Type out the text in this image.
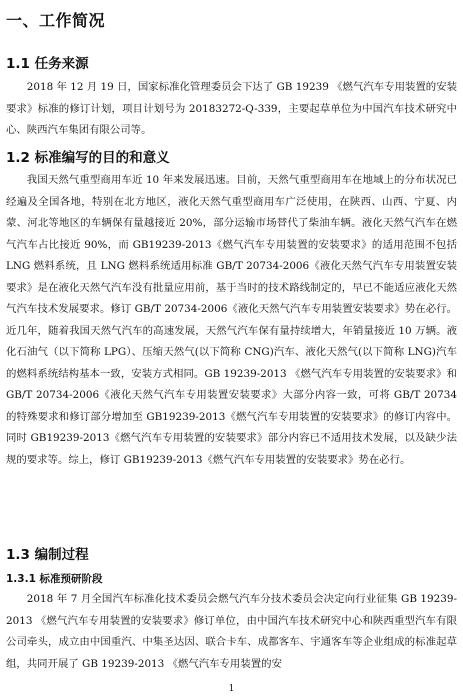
一、工作简况
1.1 任务来源

2018 年 12 月 19 日，国家标准化管理委员会下达了 GB 19239 《燃气汽车专用装置的安装要求》标准的修订计划，项目计划号为 20183272-Q-339，主要起草单位为中国汽车技术研究中心、陕西汽车集团有限公司等。

1.2 标准编写的目的和意义

我国天然气重型商用车近 10 年来发展迅速。目前，天然气重型商用车在地域上的分布状况已经遍及全国各地，特别在北方地区，液化天然气重型商用车广泛使用，在陕西、山西、宁夏、内蒙、河北等地区的车辆保有量越接近 20%，部分运输市场替代了柴油车辆。液化天然气汽车在燃气汽车占比接近 90%，而 GB19239-2013《燃气汽车专用装置的安装要求》的适用范围不包括 LNG 燃料系统，且 LNG 燃料系统适用标准 GB/T 20734-2006《液化天然气汽车专用装置安装要求》是在液化天然气汽车没有批量应用前，基于当时的技术路线制定的，早已不能适应液化天然气汽车技术发展要求。修订 GB/T 20734-2006《液化天然气汽车专用装置安装要求》势在必行。近几年，随着我国天然气汽车的高速发展，天然气汽车保有量持续增大，年销量接近 10 万辆。液化石油气（以下简称 LPG）、压缩天然气(以下简称 CNG)汽车、液化天然气(以下简称 LNG)汽车的燃料系统结构基本一致，安装方式相同。GB 19239-2013 《燃气汽车专用装置的安装要求》和 GB/T 20734-2006《液化天然气汽车专用装置安装要求》大部分内容一致，可将 GB/T 20734 的特殊要求和修订部分增加至 GB19239-2013《燃气汽车专用装置的安装要求》的修订内容中。同时 GB19239-2013《燃气汽车专用装置的安装要求》部分内容已不适用技术发展，以及缺少法规的要求等。综上，修订 GB19239-2013《燃气汽车专用装置的安装要求》势在必行。

1.3 编制过程
1.3.1 标准预研阶段

2018 年 7 月全国汽车标准化技术委员会燃气汽车分技术委员会决定向行业征集 GB 19239-2013 《燃气汽车专用装置的安装要求》修订单位，由中国汽车技术研究中心和陕西重型汽车有限公司牵头，成立由中国重汽、中集圣达因、联合卡车、成都客车、宇通客车等企业组成的标准起草组，共同开展了 GB 19239-2013 《燃气汽车专用装置的安

1
